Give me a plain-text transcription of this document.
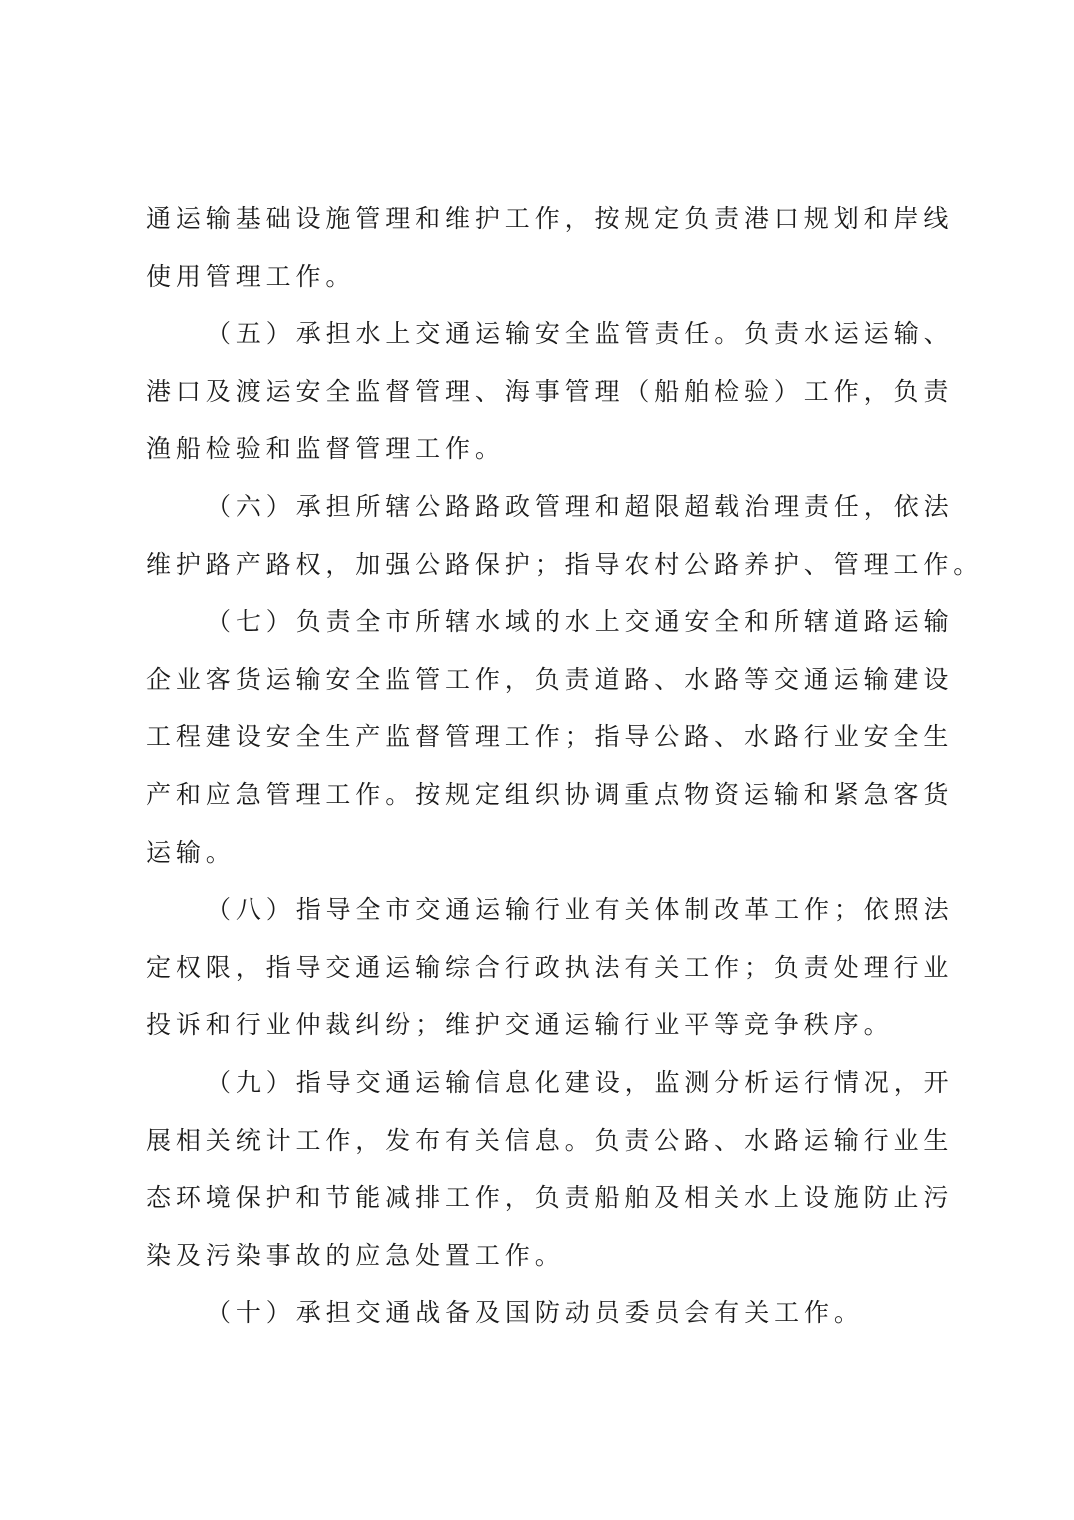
通运输基础设施管理和维护工作，按规定负责港口规划和岸线
使用管理工作。
（五）承担水上交通运输安全监管责任。负责水运运输、
港口及渡运安全监督管理、海事管理（船舶检验）工作，负责
渔船检验和监督管理工作。
（六）承担所辖公路路政管理和超限超载治理责任，依法
维护路产路权，加强公路保护；指导农村公路养护、管理工作。
（七）负责全市所辖水域的水上交通安全和所辖道路运输
企业客货运输安全监管工作，负责道路、水路等交通运输建设
工程建设安全生产监督管理工作；指导公路、水路行业安全生
产和应急管理工作。按规定组织协调重点物资运输和紧急客货
运输。
（八）指导全市交通运输行业有关体制改革工作；依照法
定权限，指导交通运输综合行政执法有关工作；负责处理行业
投诉和行业仲裁纠纷；维护交通运输行业平等竞争秩序。
（九）指导交通运输信息化建设，监测分析运行情况，开
展相关统计工作，发布有关信息。负责公路、水路运输行业生
态环境保护和节能减排工作，负责船舶及相关水上设施防止污
染及污染事故的应急处置工作。
（十）承担交通战备及国防动员委员会有关工作。
